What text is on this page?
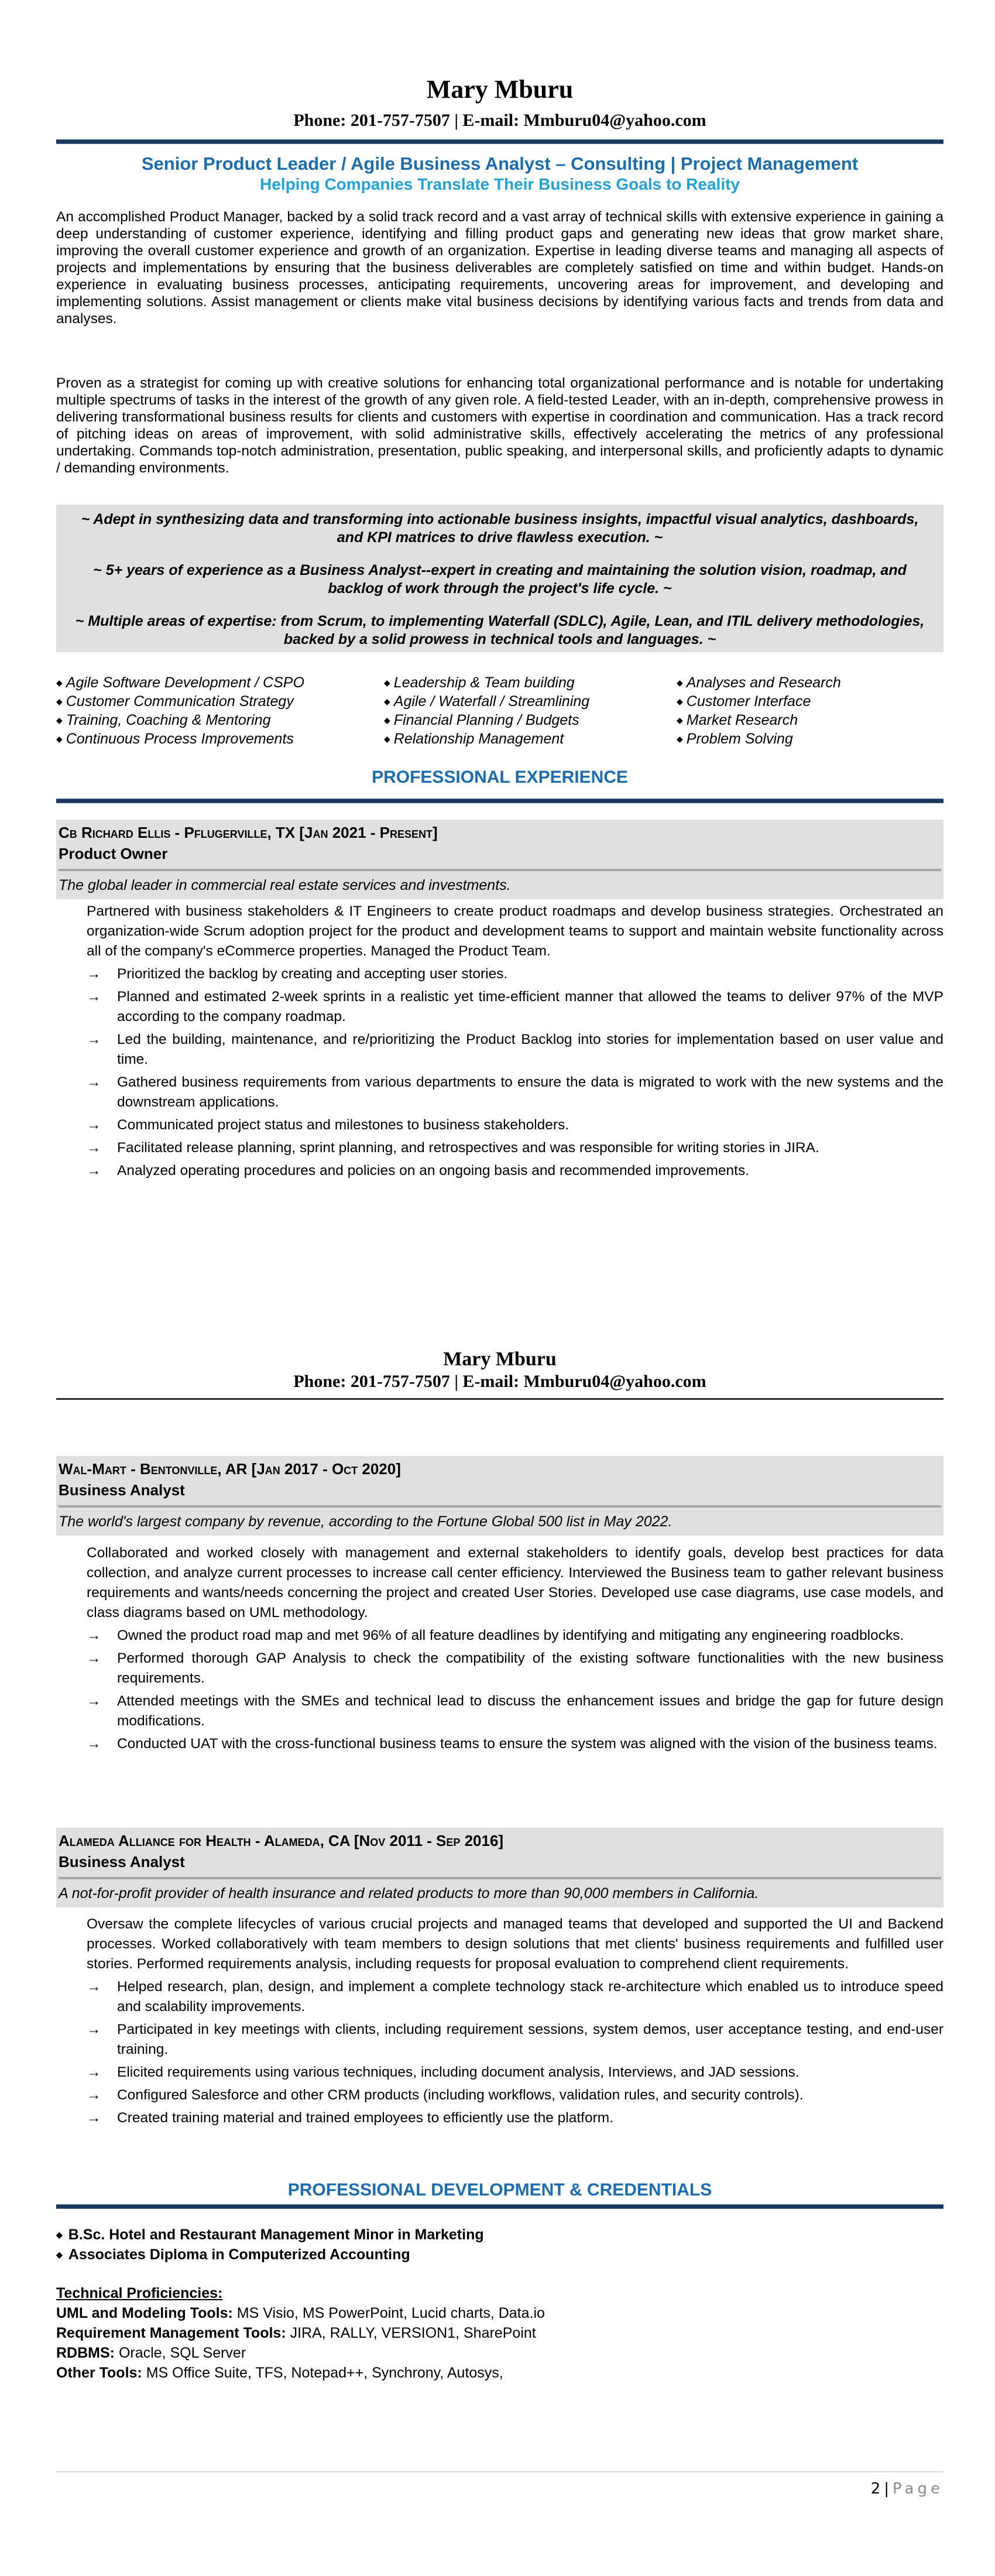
Mary Mburu
Phone: 201-757-7507 | E-mail: Mmburu04@yahoo.com
Senior Product Leader / Agile Business Analyst – Consulting | Project Management
Helping Companies Translate Their Business Goals to Reality
An accomplished Product Manager, backed by a solid track record and a vast array of technical skills with extensive experience in gaining a deep understanding of customer experience, identifying and filling product gaps and generating new ideas that grow market share, improving the overall customer experience and growth of an organization. Expertise in leading diverse teams and managing all aspects of projects and implementations by ensuring that the business deliverables are completely satisfied on time and within budget. Hands-on experience in evaluating business processes, anticipating requirements, uncovering areas for improvement, and developing and implementing solutions. Assist management or clients make vital business decisions by identifying various facts and trends from data and analyses.
Proven as a strategist for coming up with creative solutions for enhancing total organizational performance and is notable for undertaking multiple spectrums of tasks in the interest of the growth of any given role. A field-tested Leader, with an in-depth, comprehensive prowess in delivering transformational business results for clients and customers with expertise in coordination and communication. Has a track record of pitching ideas on areas of improvement, with solid administrative skills, effectively accelerating the metrics of any professional undertaking. Commands top-notch administration, presentation, public speaking, and interpersonal skills, and proficiently adapts to dynamic / demanding environments.

~ Adept in synthesizing data and transforming into actionable business insights, impactful visual analytics, dashboards, and KPI matrices to drive flawless execution. ~

~ 5+ years of experience as a Business Analyst--expert in creating and maintaining the solution vision, roadmap, and backlog of work through the project's life cycle. ~

~ Multiple areas of expertise: from Scrum, to implementing Waterfall (SDLC), Agile, Lean, and ITIL delivery methodologies, backed by a solid prowess in technical tools and languages. ~

◆ Agile Software Development / CSPO
◆ Customer Communication Strategy
◆ Training, Coaching & Mentoring
◆ Continuous Process Improvements
◆ Leadership & Team building
◆ Agile / Waterfall / Streamlining
◆ Financial Planning / Budgets
◆ Relationship Management
◆ Analyses and Research
◆ Customer Interface
◆ Market Research
◆ Problem Solving
PROFESSIONAL EXPERIENCE
Cb Richard Ellis - Pflugerville, TX [Jan 2021 - Present]
Product Owner
The global leader in commercial real estate services and investments.

Partnered with business stakeholders & IT Engineers to create product roadmaps and develop business strategies. Orchestrated an organization-wide Scrum adoption project for the product and development teams to support and maintain website functionality across all of the company's eCommerce properties. Managed the Product Team.

→ Prioritized the backlog by creating and accepting user stories.
→ Planned and estimated 2-week sprints in a realistic yet time-efficient manner that allowed the teams to deliver 97% of the MVP according to the company roadmap.
→ Led the building, maintenance, and re/prioritizing the Product Backlog into stories for implementation based on user value and time.
→ Gathered business requirements from various departments to ensure the data is migrated to work with the new systems and the downstream applications.
→ Communicated project status and milestones to business stakeholders.
→ Facilitated release planning, sprint planning, and retrospectives and was responsible for writing stories in JIRA.
→ Analyzed operating procedures and policies on an ongoing basis and recommended improvements.
Mary Mburu
Phone: 201-757-7507 | E-mail: Mmburu04@yahoo.com
Wal-Mart - Bentonville, AR [Jan 2017 - Oct 2020]
Business Analyst
The world's largest company by revenue, according to the Fortune Global 500 list in May 2022.

Collaborated and worked closely with management and external stakeholders to identify goals, develop best practices for data collection, and analyze current processes to increase call center efficiency. Interviewed the Business team to gather relevant business requirements and wants/needs concerning the project and created User Stories. Developed use case diagrams, use case models, and class diagrams based on UML methodology.

→ Owned the product road map and met 96% of all feature deadlines by identifying and mitigating any engineering roadblocks.
→ Performed thorough GAP Analysis to check the compatibility of the existing software functionalities with the new business requirements.
→ Attended meetings with the SMEs and technical lead to discuss the enhancement issues and bridge the gap for future design modifications.
→ Conducted UAT with the cross-functional business teams to ensure the system was aligned with the vision of the business teams.
Alameda Alliance for Health - Alameda, CA [Nov 2011 - Sep 2016]
Business Analyst
A not-for-profit provider of health insurance and related products to more than 90,000 members in California.

Oversaw the complete lifecycles of various crucial projects and managed teams that developed and supported the UI and Backend processes. Worked collaboratively with team members to design solutions that met clients' business requirements and fulfilled user stories. Performed requirements analysis, including requests for proposal evaluation to comprehend client requirements.

→ Helped research, plan, design, and implement a complete technology stack re-architecture which enabled us to introduce speed and scalability improvements.
→ Participated in key meetings with clients, including requirement sessions, system demos, user acceptance testing, and end-user training.
→ Elicited requirements using various techniques, including document analysis, Interviews, and JAD sessions.
→ Configured Salesforce and other CRM products (including workflows, validation rules, and security controls).
→ Created training material and trained employees to efficiently use the platform.
PROFESSIONAL DEVELOPMENT & CREDENTIALS
◆ B.Sc. Hotel and Restaurant Management Minor in Marketing
◆ Associates Diploma in Computerized Accounting
Technical Proficiencies:
UML and Modeling Tools: MS Visio, MS PowerPoint, Lucid charts, Data.io
Requirement Management Tools: JIRA, RALLY, VERSION1, SharePoint
RDBMS: Oracle, SQL Server
Other Tools: MS Office Suite, TFS, Notepad++, Synchrony, Autosys,
2 | Page
